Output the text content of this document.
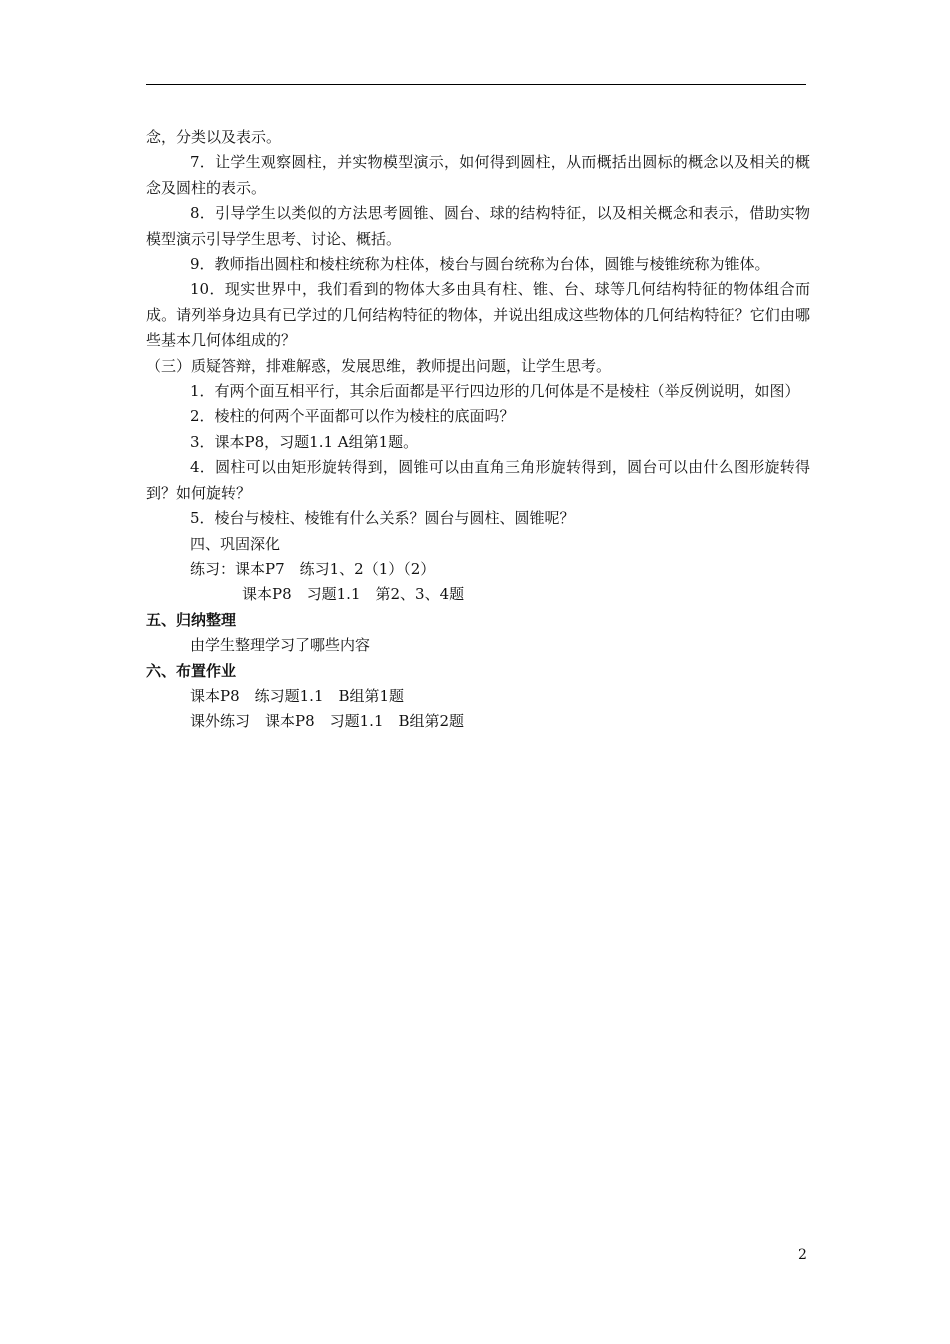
念，分类以及表示。

7．让学生观察圆柱，并实物模型演示，如何得到圆柱，从而概括出圆标的概念以及相关的概念及圆柱的表示。

8．引导学生以类似的方法思考圆锥、圆台、球的结构特征，以及相关概念和表示，借助实物模型演示引导学生思考、讨论、概括。

9．教师指出圆柱和棱柱统称为柱体，棱台与圆台统称为台体，圆锥与棱锥统称为锥体。

10．现实世界中，我们看到的物体大多由具有柱、锥、台、球等几何结构特征的物体组合而成。请列举身边具有已学过的几何结构特征的物体，并说出组成这些物体的几何结构特征？它们由哪些基本几何体组成的？

（三）质疑答辩，排难解惑，发展思维，教师提出问题，让学生思考。

1．有两个面互相平行，其余后面都是平行四边形的几何体是不是棱柱（举反例说明，如图）

2．棱柱的何两个平面都可以作为棱柱的底面吗？

3．课本P8，习题1.1 A组第1题。

4．圆柱可以由矩形旋转得到，圆锥可以由直角三角形旋转得到，圆台可以由什么图形旋转得到？如何旋转？

5．棱台与棱柱、棱锥有什么关系？圆台与圆柱、圆锥呢？

四、巩固深化

练习：课本P7　练习1、2（1）（2）

课本P8　习题1.1　第2、3、4题

五、归纳整理

由学生整理学习了哪些内容

六、布置作业

课本P8　练习题1.1　B组第1题

课外练习　课本P8　习题1.1　B组第2题

2
